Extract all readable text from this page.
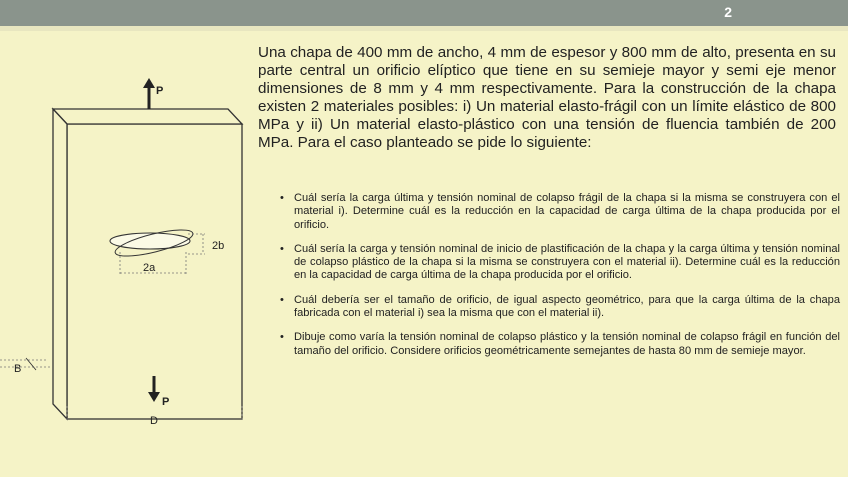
2
P
2b
2a
P
B
D

Una chapa de 400 mm de ancho, 4 mm de espesor y 800 mm de alto, presenta en su parte central un orificio elíptico que tiene en su semieje mayor y semi eje menor dimensiones de 8 mm y 4 mm respectivamente. Para la construcción de la chapa existen 2 materiales posibles: i) Un material elasto-frágil con un límite elástico de 800 MPa y ii) Un material elasto-plástico con una tensión de fluencia también de 200 MPa. Para el caso planteado se pide lo siguiente:

• Cuál sería la carga última y tensión nominal de colapso frágil de la chapa si la misma se construyera con el material i). Determine cuál es la reducción en la capacidad de carga última de la chapa producida por el orificio.
• Cuál sería la carga y tensión nominal de inicio de plastificación de la chapa y la carga última y tensión nominal de colapso plástico de la chapa si la misma se construyera con el material ii). Determine cuál es la reducción en la capacidad de carga última de la chapa producida por el orificio.
• Cuál debería ser el tamaño de orificio, de igual aspecto geométrico, para que la carga última de la chapa fabricada con el material i) sea la misma que con el material ii).
• Dibuje como varía la tensión nominal de colapso plástico y la tensión nominal de colapso frágil en función del tamaño del orificio. Considere orificios geométricamente semejantes de hasta 80 mm de semieje mayor.
